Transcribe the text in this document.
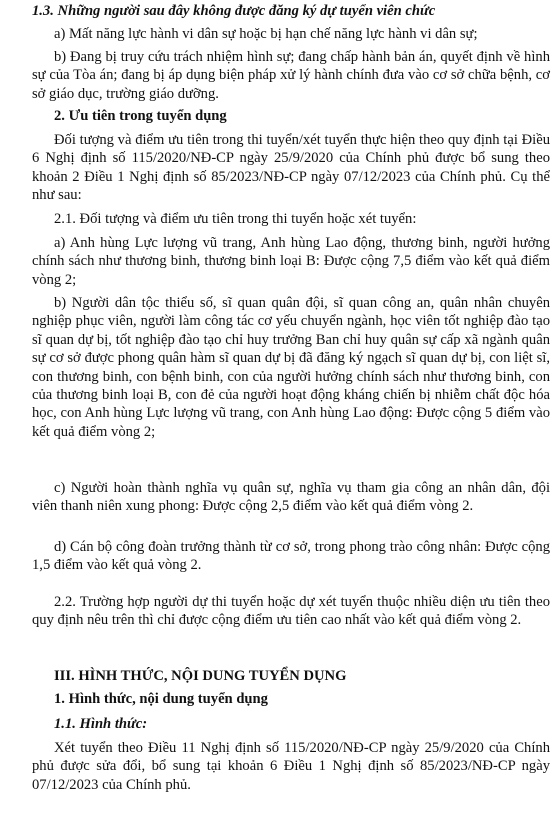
1.3. Những người sau đây không được đăng ký dự tuyển viên chức

a) Mất năng lực hành vi dân sự hoặc bị hạn chế năng lực hành vi dân sự;

b) Đang bị truy cứu trách nhiệm hình sự; đang chấp hành bản án, quyết định về hình sự của Tòa án; đang bị áp dụng biện pháp xử lý hành chính đưa vào cơ sở chữa bệnh, cơ sở giáo dục, trường giáo dưỡng.

2. Ưu tiên trong tuyển dụng

Đối tượng và điểm ưu tiên trong thi tuyển/xét tuyển thực hiện theo quy định tại Điều 6 Nghị định số 115/2020/NĐ-CP ngày 25/9/2020 của Chính phủ được bổ sung theo khoản 2 Điều 1 Nghị định số 85/2023/NĐ-CP ngày 07/12/2023 của Chính phủ. Cụ thể như sau:

2.1. Đối tượng và điểm ưu tiên trong thi tuyển hoặc xét tuyển:

a) Anh hùng Lực lượng vũ trang, Anh hùng Lao động, thương binh, người hưởng chính sách như thương binh, thương binh loại B: Được cộng 7,5 điểm vào kết quả điểm vòng 2;

b) Người dân tộc thiểu số, sĩ quan quân đội, sĩ quan công an, quân nhân chuyên nghiệp phục viên, người làm công tác cơ yếu chuyển ngành, học viên tốt nghiệp đào tạo sĩ quan dự bị, tốt nghiệp đào tạo chỉ huy trưởng Ban chỉ huy quân sự cấp xã ngành quân sự cơ sở được phong quân hàm sĩ quan dự bị đã đăng ký ngạch sĩ quan dự bị, con liệt sĩ, con thương binh, con bệnh binh, con của người hưởng chính sách như thương binh, con của thương binh loại B, con đẻ của người hoạt động kháng chiến bị nhiễm chất độc hóa học, con Anh hùng Lực lượng vũ trang, con Anh hùng Lao động: Được cộng 5 điểm vào kết quả điểm vòng 2;

c) Người hoàn thành nghĩa vụ quân sự, nghĩa vụ tham gia công an nhân dân, đội viên thanh niên xung phong: Được cộng 2,5 điểm vào kết quả điểm vòng 2.

d) Cán bộ công đoàn trưởng thành từ cơ sở, trong phong trào công nhân: Được cộng 1,5 điểm vào kết quả vòng 2.

2.2. Trường hợp người dự thi tuyển hoặc dự xét tuyển thuộc nhiều diện ưu tiên theo quy định nêu trên thì chỉ được cộng điểm ưu tiên cao nhất vào kết quả điểm vòng 2.

III. HÌNH THỨC, NỘI DUNG TUYỂN DỤNG

1. Hình thức, nội dung tuyển dụng

1.1. Hình thức:

Xét tuyển theo Điều 11 Nghị định số 115/2020/NĐ-CP ngày 25/9/2020 của Chính phủ được sửa đổi, bổ sung tại khoản 6 Điều 1 Nghị định số 85/2023/NĐ-CP ngày 07/12/2023 của Chính phủ.
